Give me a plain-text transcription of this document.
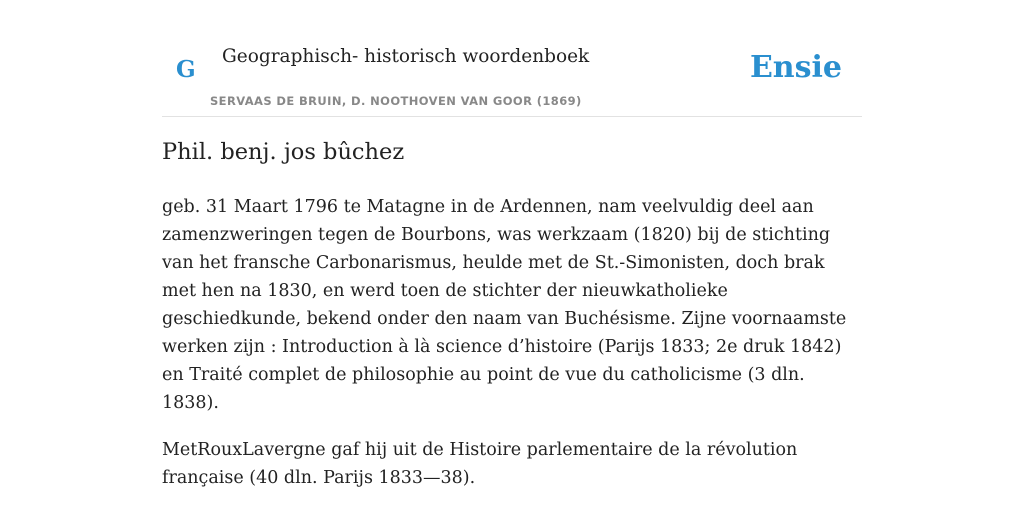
G Geographisch- historisch woordenboek
SERVAAS DE BRUIN, D. NOOTHOVEN VAN GOOR (1869)
Ensie
Phil. benj. jos bûchez

geb. 31 Maart 1796 te Matagne in de Ardennen, nam veelvuldig deel aan zamenzweringen tegen de Bourbons, was werkzaam (1820) bij de stichting van het fransche Carbonarismus, heulde met de St.-Simonisten, doch brak met hen na 1830, en werd toen de stichter der nieuwkatholieke geschiedkunde, bekend onder den naam van Buchésisme. Zijne voornaamste werken zijn : Introduction à là science d’histoire (Parijs 1833; 2e druk 1842) en Traité complet de philosophie au point de vue du catholicisme (3 dln. 1838).

MetRouxLavergne gaf hij uit de Histoire parlementaire de la révolution française (40 dln. Parijs 1833—38).
